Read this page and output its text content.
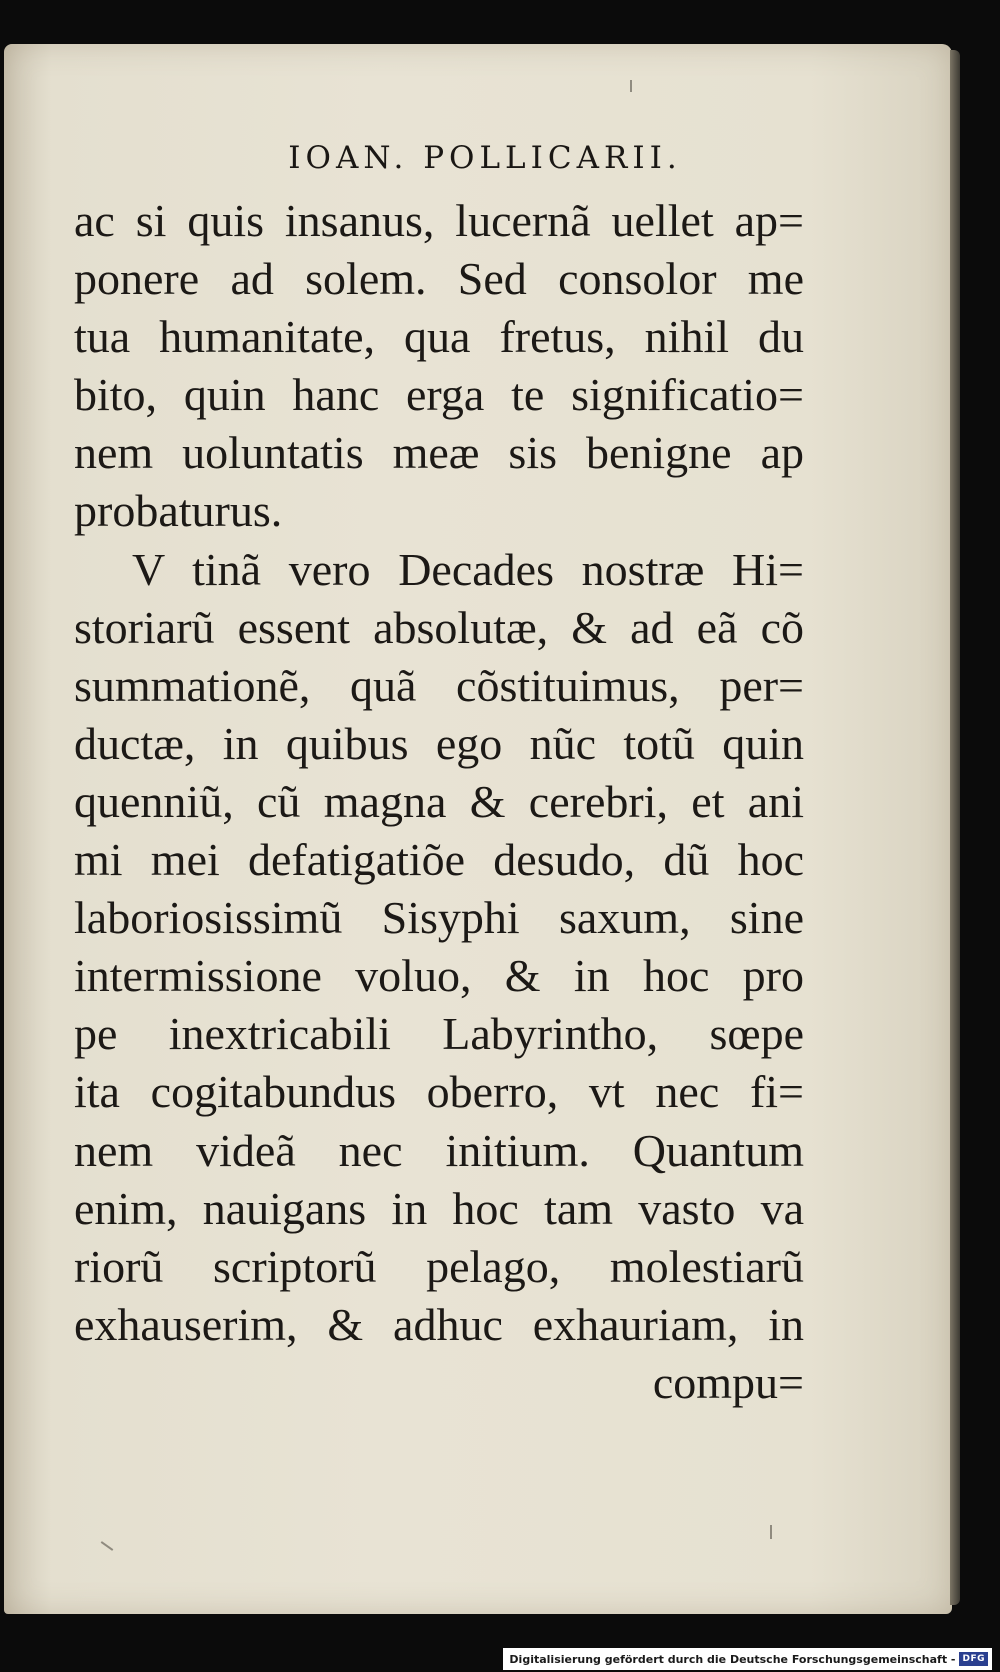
IOAN. POLLICARII.
ac si quis insanus, lucernã uellet ap=
ponere ad solem. Sed consolor me
tua humanitate, qua fretus, nihil du
bito, quin hanc erga te significatio=
nem uoluntatis meæ sis benigne ap
probaturus.
V tinã vero Decades nostræ Hi=
storiarũ essent absolutæ, & ad eã cõ
summationẽ, quã cõstituimus, per=
ductæ, in quibus ego nũc totũ quin
quenniũ, cũ magna & cerebri, et ani
mi mei defatigatiõe desudo, dũ hoc
laboriosissimũ Sisyphi saxum, sine
intermissione voluo, & in hoc pro
pe inextricabili Labyrintho, sœpe
ita cogitabundus oberro, vt nec fi=
nem videã nec initium. Quantum
enim, nauigans in hoc tam vasto va
riorũ scriptorũ pelago, molestiarũ
exhauserim, & adhuc exhauriam, in
compu=
Digitalisierung gefördert durch die Deutsche Forschungsgemeinschaft - DFG
